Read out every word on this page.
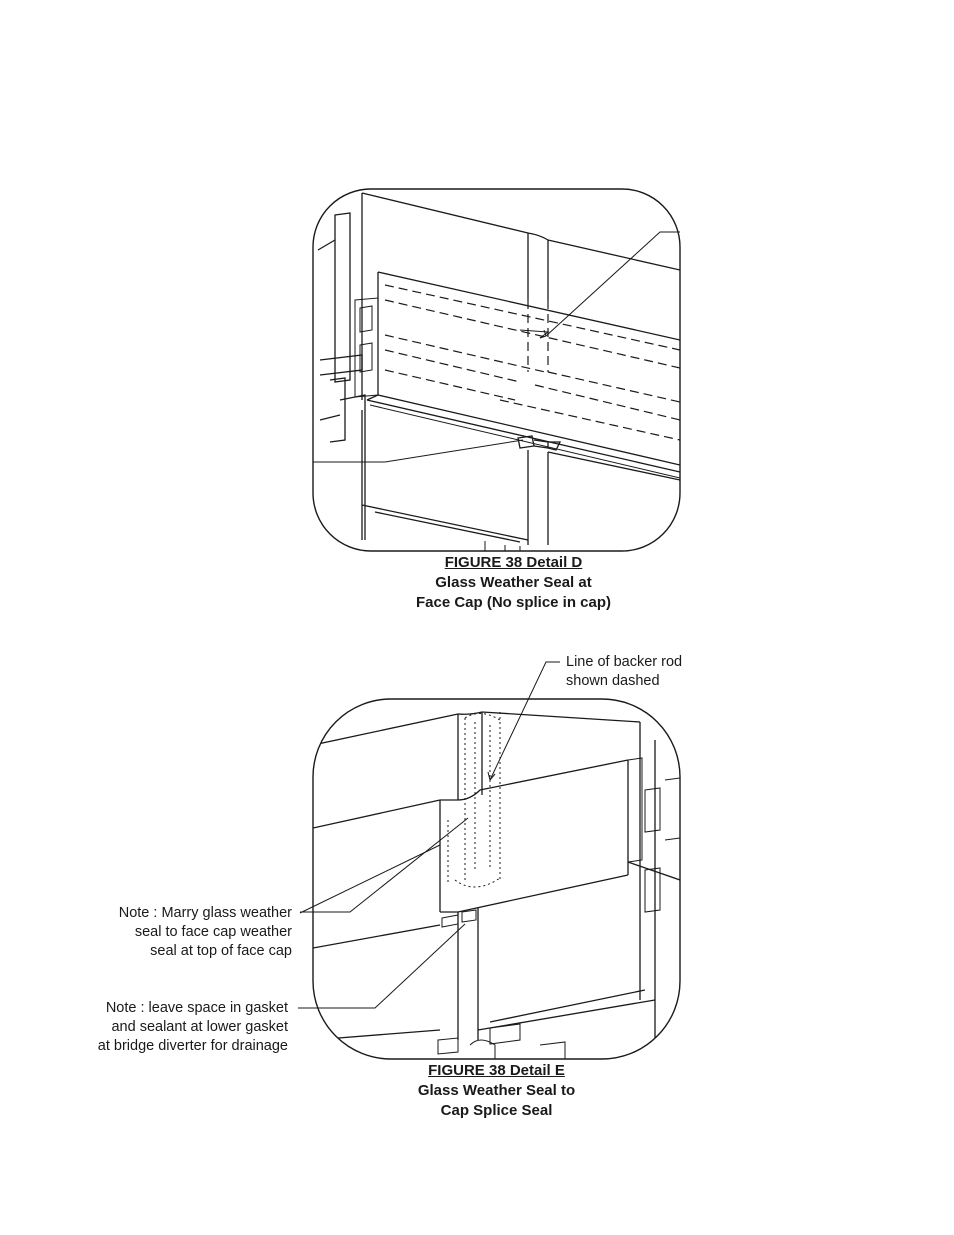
FIGURE 38 Detail D
Glass Weather Seal at
Face Cap (No splice in cap)
Line of backer rod
shown dashed
Note : Marry glass weather
seal to face cap weather
seal at top of face cap
Note : leave space in gasket
and sealant at lower gasket
at bridge diverter for drainage
FIGURE 38 Detail E
Glass Weather Seal to
Cap Splice Seal
